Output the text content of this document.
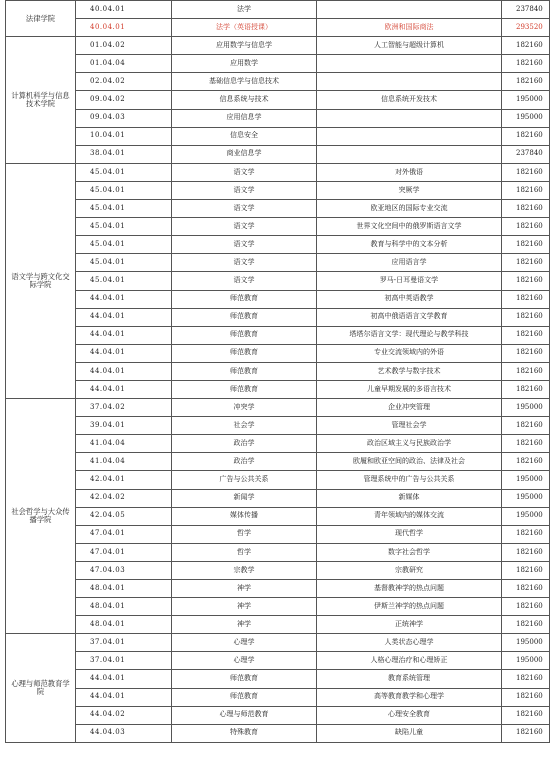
法律学院	40.04.01	法学		237840
	40.04.01	法学（英语授课）	欧洲和国际商法	293520
计算机科学与信息技术学院	01.04.02	应用数学与信息学	人工智能与超级计算机	182160
	01.04.04	应用数学		182160
	02.04.02	基础信息学与信息技术		182160
	09.04.02	信息系统与技术	信息系统开发技术	195000
	09.04.03	应用信息学		195000
	10.04.01	信息安全		182160
	38.04.01	商业信息学		237840
语文学与跨文化交际学院	45.04.01	语文学	对外俄语	182160
	45.04.01	语文学	突厥学	182160
	45.04.01	语文学	欧亚地区的国际专业交流	182160
	45.04.01	语文学	世界文化空间中的俄罗斯语言文学	182160
	45.04.01	语文学	教育与科学中的文本分析	182160
	45.04.01	语文学	应用语言学	182160
	45.04.01	语文学	罗马-日耳曼语文学	182160
	44.04.01	师范教育	初高中英语教学	182160
	44.04.01	师范教育	初高中俄语语言文学教育	182160
	44.04.01	师范教育	塔塔尔语言文学：现代理论与教学科技	182160
	44.04.01	师范教育	专业交流领域内的外语	182160
	44.04.01	师范教育	艺术教学与数字技术	182160
	44.04.01	师范教育	儿童早期发展的多语言技术	182160
社会哲学与大众传播学院	37.04.02	冲突学	企业冲突管理	195000
	39.04.01	社会学	管理社会学	182160
	41.04.04	政治学	政治区域主义与民族政治学	182160
	41.04.04	政治学	欧履和欧亚空间的政治、法律及社会	182160
	42.04.01	广告与公共关系	管理系统中的广告与公共关系	195000
	42.04.02	新闻学	新媒体	195000
	42.04.05	媒体传播	青年领域内的媒体交流	195000
	47.04.01	哲学	现代哲学	182160
	47.04.01	哲学	数字社会哲学	182160
	47.04.03	宗教学	宗教研究	182160
	48.04.01	神学	基督教神学的热点问题	182160
	48.04.01	神学	伊斯兰神学的热点问题	182160
	48.04.01	神学	正统神学	182160
心理与师范教育学院	37.04.01	心理学	人类状态心理学	195000
	37.04.01	心理学	人格心理治疗和心理矫正	195000
	44.04.01	师范教育	教育系统管理	182160
	44.04.01	师范教育	高等教育教学和心理学	182160
	44.04.02	心理与师范教育	心理安全教育	182160
	44.04.03	特殊教育	缺陷儿童	182160
